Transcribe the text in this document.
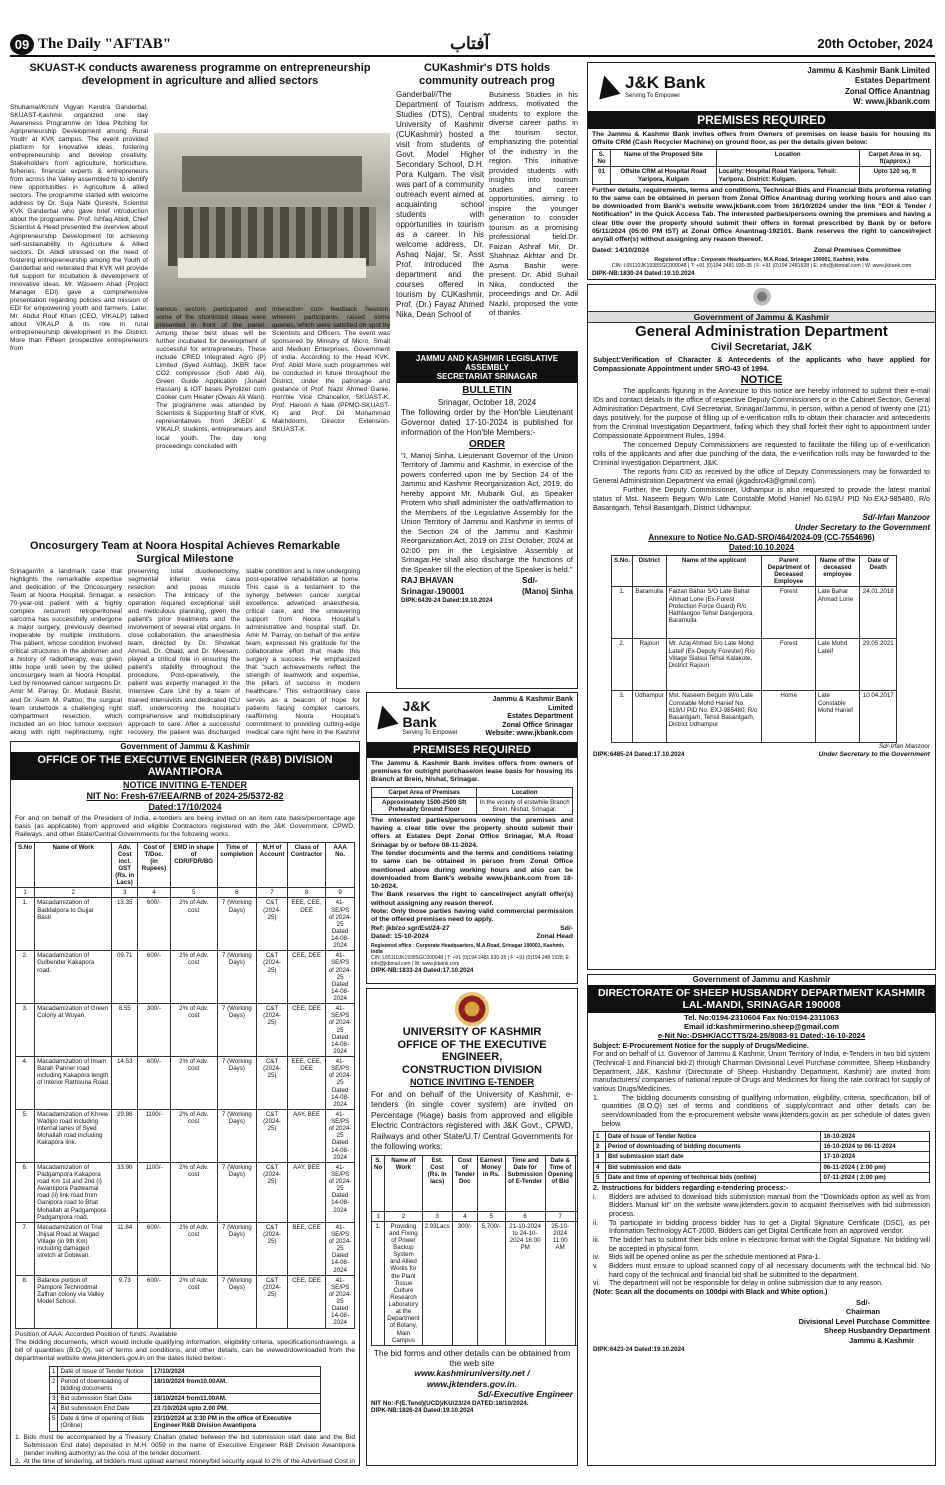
09 The Daily "AFTAB"	آفتاب	20th October, 2024
SKUAST-K conducts awareness programme on entrepreneurship development in agriculture and allied sectors

Shuhama//Krishi Vigyan Kendra Ganderbal, SKUAST-Kashmir organized one day Awareness Programme on 'Idea Pitching for Agripreneurship Development among Rural Youth' at KVK campus. The event provided platform for innovative ideas, fostering entrepreneurship and develop creativity. Stakeholders from agriculture, horticulture, fisheries, financial experts & entrepreneurs from across the Valley assembled to to identify new opportunities in Agriculture & allied sectors. The programme started with welcome address by Dr. Suja Nabi Qureshi, Scientist KVK Ganderbal who gave brief introduction about the programme. Prof. Ishfaq Abidi, Chief Scientist & Head presented the overview about Agripreneurship Development for achieving self-sustainability in Agriculture & Allied sectors. Dr. Abidi stressed on the need of fostering entrepreneurship among the Youth of Ganderbal and reiterated that KVK will provide full support for incubation & development of innovative ideas. Mr. Waseem Ahad (Project Manager EDI) gave a comprehensive presentation regarding policies and mission of EDI for empowering youth and farmers. Later, Mr. Abdul Rouf Khan (CEO, VIKALP) talked about VIKALP & its role in rural entrepreneurship development in the District. More than Fifteen prospective entrepreneurs from

various sectors participated and some of the shortlisted ideas were presented in front of the panel. Among these best ideas will be further incubated for development of successful for entrepreneurs. These include CRED Integrated Agro (P) Limited (Syed Ashfaq), JKBR face CO2 compressor (Sofi Abid Ali), Green Guide Application (Junaid Hassan) & IOT bases Pyrolizer cum Cooker cum Heater (Owais Ali Wani). The programme was attended by Scientists & Supporting Staff of KVK, representatives from JKEDI & VIKALP, students, entrepreneurs and local youth. The day long proceedings concluded with

Interaction cum feedback Session, wherein participants raised some queries, which were satisfied on spot by Scientists and Officers. The event was sponsored by Ministry of Micro, Small and Medium Enterprises, Government of India. According to the Head KVK, Prof. Abidi More such programmes will be conducted in future throughout the District, under the patronage and guidance of Prof. Nazir Ahmed Ganie, Hon'ble Vice Chancellor, SKUAST-K, Prof. Haroon A Naik (PPMO-SKUAST-K) and Prof. Dil Mohammad Makhdoomi, Director Extension- SKUAST-K.

CUKashmir's DTS holds community outreach prog

Ganderbal//The Department of Tourism Studies (DTS), Central University of Kashmir (CUKashmir) hosted a visit from students of Govt. Model Higher Secondary School, D.H. Pora Kulgam. The visit was part of a community outreach event aimed at acquainting school students with opportunities in tourism as a career. In his welcome address, Dr. Ashaq Najar, Sr. Asst Prof. introduced the department and the courses offered in tourism by CUKashmir. Prof. (Dr.) Fayaz Ahmed Nika, Dean School of

Business Studies in his address, motivated the students to explore the diverse career paths in the tourism sector, emphasizing the potential of the industry in the region. This initiative provided students with insights into tourism studies and career opportunities, aiming to inspire the younger generation to consider tourism as a promising professional field.Dr. Faizan Ashraf Mir, Dr. Shahnaz Akhtar and Dr. Asma Bashir were present. Dr. Abid Suhail Nika, conducted the proceedings and Dr. Adil Nazki, proposed the vote of thanks.

JAMMU AND KASHMIR LEGISLATIVE ASSEMBLY
SECRETARIAT SRINAGAR
BULLETIN
Srinagar, October 18, 2024

The following order by the Hon'ble Lieutenant Governor dated 17-10-2024 is published for information of the Hon'ble Members:-

ORDER

"I, Manoj Sinha, Lieutenant Governor of the Union Territory of Jammu and Kashmir, in exercise of the powers conferred upon me by Section 24 of the Jammu and Kashmir Reorganization Act, 2019, do hereby appoint Mr. Mubarik Gul, as Speaker Protem who shall administer the oath/affirmation to the Members of the Legislative Assembly for the Union Territory of Jammu and Kashmir in terms of the Section 24 of the Jammu and Kashmir Reorganization Act, 2019 on 21st October, 2024 at 02:00 pm in the Legislative Assembly at Srinagar.He shall also discharge the functions of the Speaker till the election of the Speaker is held."

RAJ BHAVAN
Srinagar-190001
Sd/-
(Manoj Sinha
DIPK:6439-24 Dated:19.10.2024
J&K Bank
Serving To Empower
Jammu & Kashmir Bank Limited
Estates Department
Zonal Office Srinagar
Website: www.jkbank.com
PREMISES REQUIRED

The Jammu & Kashmir Bank invites offers from owners of premises for outright purchase/on lease basis for housing its Branch at Brein, Nishat, Srinagar.

Carpet Area of Premises	Location
Approximately 1500-2500 Sft Preferably Ground Floor	In the vicinity of erstwhile Branch Brein, Nishat, Srinagar.

The interested parties/persons owning the premises and having a clear title over the property should submit their offers at Estates Dept Zonal Office Srinagar, M.A Road Srinagar by or before 08-11-2024.

The tender documents and the terms and conditions relating to same can be obtained in person from Zonal Office mentioned above during working hours and also can be downloaded from Bank's website www.jkbank.com from 18-10-2024.

The Bank reserves the right to cancel/reject any/all offer(s) without assigning any reason thereof.

Note: Only those parties having valid commercial permission of the offered premises need to apply.

Ref: jkb/zo sgr/Est/24-27
Dated: 15-10-2024
Sd/-
Zonal Head
Registered office : Corporate Headquarters, M.A.Road, Srinagar 190001, Kashmir, India
CIN: L65110JK1938SGC000048 | T: +91 (0)194 2481 930-35 | F: +91 (0)194 248 1928; E: info@jkbmail.com | W: www.jkbank.com
DIPK-NB:1833-24 Dated:17.10.2024
Oncosurgery Team at Noora Hospital Achieves Remarkable Surgical Milestone

Srinagar//In a landmark case that highlights the remarkable expertise and dedication of the Oncosurgery Team at Noora Hospital, Srinagar, a 70-year-old patient with a highly complex recurrent retroperitoneal sarcoma has successfully undergone a major surgery, previously deemed inoperable by multiple institutions. The patient, whose condition involved critical structures in the abdomen and a history of radiotherapy, was given little hope until seen by the skilled oncosurgery team at Noora Hospital. Led by renowned cancer surgeons Dr. Amir M. Parray, Dr. Mudasir Bashir, and Dr. Asim M. Pattoo, the surgical team undertook a challenging right compartment resection, which included an en bloc tumour excision along with right nephrectomy, right

preserving total duodenectomy, segmental inferior vena cava resection and psoas muscle resection. The intricacy of the operation required exceptional skill and meticulous planning, given the patient's prior treatments and the involvement of several vital organs. In close collaboration, the anaesthesia team, directed by Dr. Showkat Ahmad, Dr. Obaid, and Dr. Meesam, played a critical role in ensuring the patient's stability throughout the procedure. Post-operatively, the patient was expertly managed in the Intensive Care Unit by a team of trained intensivists and dedicated ICU staff, underscoring the hospital's comprehensive and multidisciplinary approach to care. After a successful recovery, the patient was discharged

stable condition and is now undergoing post-operative rehabilitation at home. This case is a testament to the synergy between cancer surgical excellence, advanced anaesthesia, critical care, and the unwavering support from Noora Hospital's administrative and hospital staff. Dr. Amir M. Parray, on behalf of the entire team, expressed his gratitude for the collaborative effort that made this surgery a success. He emphasized that "such achievements reflect the strength of teamwork and expertise, the pillars of success in modern healthcare." This extraordinary case serves as a beacon of hope for patients facing complex cancers, reaffirming Noora Hospital's commitment to providing cutting-edge medical care right here in the Kashmir

Government of Jammu & Kashmir
OFFICE OF THE EXECUTIVE ENGINEER (R&B) DIVISION
AWANTIPORA
NOTICE INVITING E-TENDER
NIT No: Fresh-67/EEA/RNB of 2024-25/5372-82
Dated:17/10/2024

For and on behalf of the President of India, e-tenders are being invited on an item rate basis/percentage age basis (as applicable) from approved and eligible Contractors registered with the J&K Government, CPWD, Railways, and other State/Central Governments for the following works:

S.No	Name of Work	Adv. Cost incl. GST (Rs. in Lacs)	Cost of T/Doc. (in Rupees)	EMD in shape of CDR/FDR/BG	Time of completion	M.H of Account	Class of Contractor	AAA No.
1	2	3	4	5	6	7	8	9
1.	Macadamization of Baddalpora to Gujjar Basti	13.35	600/-	2% of Adv. cost	7 (Working Days)	C&T (2024-25)	EEE, CEE, DEE	41-SE/PS of 2024-25 Dated 14-08-2024
2.	Macadamization of Gulbender Kakapora road.	09.71	600/-	2% of Adv. cost	7 (Working Days)	C&T (2024-25)	CEE, DEE	41-SE/PS of 2024-25 Dated 14-08-2024
3.	Macadamization of Green Colony at Wuyan.	8.55	300/-	2% of Adv. cost	7 (Working Days)	C&T (2024-25)	CEE, DEE	41-SE/PS of 2024-25 Dated 14-08-2024
4.	Macadamization of Imam Barah Panner road including Kakapora length of Interior Rathsuna Road	14.53	600/-	2% of Adv. cost	7 (Working Days)	C&T (2024-25)	EEE, CEE, DEE	41-SE/PS of 2024-25 Dated 14-08-2024
5.	Macadamization of Khrew Wadipo road including internal lanes of Syed Mohallah road including Kakapora link.	29.86	1100/-	2% of Adv. cost	7 (Working Days)	C&T (2024-25)	AAY, BEE	41-SE/PS of 2024-25 Dated 14-08-2024
6.	Macadamization of Padgampora Kakapora road Km 1st and 2nd (i) Awantipora Padwamal road (ii) link road from Ganipora road to Bhat Mohallah at Padgampora Padgampora road.	33.90	1100/-	2% of Adv. cost	7 (Working Days)	C&T (2024-25)	AAY, BEE	41-SE/PS of 2024-25 Dated 14-08-2024
7.	Macadamization of Trial Jhijsal Road at Wagad Village (in 9th Km) including damaged stretch at Dobiwan.	11.84	600/-	2% of Adv. cost	7 (Working Days)	C&T (2024-25)	BEE, CEE	41-SE/PS of 2024-25 Dated 14-08-2024
8.	Balance portion of Pampore Technodmat Zaffran colony via Valley Model School.	9.73	600/-	2% of Adv. cost	7 (Working Days)	C&T (2024-25)	CEE, DEE	41-SE/PS of 2024-25 Dated 14-08-2024
Position of AAA: Accorded Position of funds: Available

The bidding documents, which would include qualifying information, eligibility criteria, specifications/drawings, a bill of quantities (B.O.Q), set of terms and conditions, and other details, can be viewed/downloaded from the departmental website www.jktenders.gov.in on the dates listed below:-

1	Date of Issue of Tender Notice	17/10/2024
2	Period of downloading of bidding documents	18/10/2024 from10.00AM.
3	Bid submission Start Date	18/10/2024 from11.00AM.
4	Bid submission End Date	23 /10/2024 upto 2.00 PM.
5	Date & time of opening of Bids (Online)	23/10/2024 at 3:30 PM in the office of Executive Engineer R&B Division Awantipora
1. Bids must be accompanied by a Treasury Challan (dated between the bid submission start date and the Bid Submission End date) deposited in M.H. 0059 in the name of Executive Engineer R&B Division Awantipora (tender inviting authority) as the cost of the tender document.

2. At the time of tendering, all bidders must upload earnest money/bid security equal to 2% of the Advertised Cost in

UNIVERSITY OF KASHMIR
OFFICE OF THE EXECUTIVE ENGINEER,
CONSTRUCTION DIVISION
NOTICE INVITING E-TENDER

For and on behalf of the University of Kashmir, e-tenders (in single cover system) are invited on Percentage (%age) basis from approved and eligible Electric Contractors registered with J&K Govt., CPWD, Railways and other State/U.T/ Central Governments for the following works:

S. No	Name of Work	Est. Cost (Rs. In lacs)	Cost of Tender Doc	Earnest Money in Rs.	Time and Date for Submission of E-Tender	Date & Time of Opening of Bid	
1	2	3	4	5	6	7	
1.	Providing and Fixing of Power Backup System and Allied Works for the Plant Tissue Culture Research Laboratory at the Department of Botany, Main Campus	2.93Lacs	300/-	5,700/-	21-10-2024 to 24-10-2024 16:00 PM	25-10-2024 11:00 AM	

The bid forms and other details can be obtained from the web site

www.kashmiruniversity.net /
www.jktenders.gov.in.
Sd/-Executive Engineer
NIT No:-F(E.Tend)(UCD)/KU/23/24 DATED:18/10/2024.
DIPK-NB:1826-24 Dated:19.10.2024
J&K Bank
Serving To Empower
Jammu & Kashmir Bank Limited
Estates Department
Zonal Office Anantnag
W: www.jkbank.com
PREMISES REQUIRED

The Jammu & Kashmir Bank invites offers from Owners of premises on lease basis for housing its Offsite CRM (Cash Recycler Machine) on ground floor, as per the details given below:

S. No	Name of the Proposed Site	Location	Carpet Area in sq. ft(approx.)
01	Offsite CRM at Hospital Road Yaripora, Kulgam	Locality: Hospital Road Yaripora. Tehsil: Yaripora. District: Kulgam.	Upto 120 sq. ft

Further details, requirements, terms and conditions, Technical Bids and Financial Bids proforma relating to the same can be obtained in person from Zonal Office Anantnag during working hours and also can be downloaded from Bank's website www.jkbank.com from 16/10/2024 under the link "EOI & Tender / Notification" in the Quick Access Tab. The interested parties/persons owning the premises and having a clear title over the property should submit their offers in format prescribed by Bank by or before 05/11/2024 (05:00 PM IST) at Zonal Office Anantnag-192101. Bank reserves the right to cancel/reject any/all offer(s) without assigning any reason thereof.

Dated: 14/10/2024	Zonal Premises Committee
Registered office : Corporate Headquarters, M.A.Road, Srinagar 190001, Kashmir, India
CIN: L65110JK1938SGC000048 | T: +91 (0)194 2481 930-35 | F: +91 (0)194 2481928 | E: info@jkbmail.com | W: www.jkbank.com
DIPK-NB:1830-24 Dated:19.10.2024
Government of Jammu & Kashmir
General Administration Department
Civil Secretariat, J&K

Subject:Verification of Character & Antecedents of the applicants who have applied for Compassionate Appointment under SRO-43 of 1994.

NOTICE

The applicants figuring in the Annexure to this notice are hereby informed to submit their e-mail IDs and contact details in the office of respective Deputy Commissioners or in the Cabinet Section, General Administration Department, Civil Secretariat, Srinagar/Jammu, in person, within a period of twenty one (21) days positively, for the purpose of filling up of e-verification rolls to obtain their character and antecedents from the Criminal Investigation Department, failing which they shall forfeit their right to appointment under Compassionate Appointment Rules, 1994.

The concerned Deputy Commissioners are requested to facilitate the filling up of e-verification rolls of the applicants and after due punching of the data, the e-verification rolls may be forwarded to the Criminal Investigation Department, J&K.

The reports from CID as received by the office of Deputy Commissioners may be forwarded to General Administration Department via email (jkgadsro43@gmail.com).

Further, the Deputy Commissioner, Udhampur is also requested to provide the latest marital status of Mst. Naseem Begum W/o Late Constable Mohd Hanief No.619/U PID No.EXJ-985480, R/o Basantgarh, Tehsil Basantgarh, District Udhampur.

Sd/-Irfan Manzoor
Under Secretary to the Government
Annexure to Notice No.GAD-SRO/464/2024-09 (CC-7554696)
Dated:10.10.2024
S.No.	District	Name of the applicant	Parent Department of Deceased Employee	Name of the deceased employee	Date of Death
1.	Baramulla	Faizan Bahar S/O Late Bahar Ahmad Lone (Ex-Forest Protection Force Guard) R/o Hathlangoo Tehsil Dangerpora, Baramulla	Forest	Late Bahar Ahmad Lone	24.01.2018
2.	Rajouri	Mr. Azaj Ahmed S/o Late Mohd Lateif (Ex-Deputy Forester) R/o Village Sialsui Tehsil Kalakote, District Rajouri	Forest	Late Mohd Lateif	29.05.2021
3.	Udhampur	Mst. Naseem Begum W/o Late Constable Mohd Hanief No. 619/U PID No. EXJ-985480, R/o Basantgarh, Tehsil Basantgarh, District Udhampur	Home	Late Constable Mohd Hanief	10.04.2017
Sd/-Irfan Manzoor
DIPK:6485-24 Dated:17.10.2024	Under Secretary to the Government
Government of Jammu and Kashmir
DIRECTORATE OF SHEEP HUSBANDRY DEPARTMENT KASHMIR
LAL-MANDI, SRINAGAR 190008
Tel. No:0194-2310604 Fax No:0194-2311063
Email id:kashmirmerino.sheep@gmail.com
e-Nit No:-DSHK/ACCTTS/24-25/8083-91 Dated:-16-10-2024

Subject: E-Procurement Notice for the supply of Drugs/Medicine.

For and on behalf of Lt. Governor of Jammu & Kashmir, Union Territory of India, e-Tenders in two bid system (Technical-1 and Financial bid-2) through Chairman Divisional Level Purchase committee, Sheep Husbandry Department, J&K, Kashmir (Directorate of Sheep Husbandry Department, Kashmir) are invited from manufacturers/ companies of national repute of Drugs and Medicines for fixing the rate contract for supply of various Drugs/Medicines.

1.	The bidding documents consisting of qualifying information, eligibility, criteria, specification, bill of quantities (B.O.Q) set of terms and conditions of supply/contract and other details can be seen/downloaded from the e-procurement website www.jktenders.gov.in as per schedule of dates given below.

1	Date of Issue of Tender Notice	16-10-2024
2	Period of downloading of bidding documents	16-10-2024 to 06-11-2024
3	Bid submission start date	17-10-2024
4	Bid submission end date	06-11-2024 ( 2:00 pm)
5	Date and time of opening of technical bids (online)	07-11-2024 ( 2:00 pm)
2. Instructions for bidders regarding e-tendering process:-
i.	Bidders are advised to download bids submission manual from the "Downloads option as well as from Bidders Manual kit" on the website www.jktenders.gov.in to acquaint themselves with bid submission process.

ii.	To participate in bidding process bidder has to get a Digital Signature Certificate (DSC), as per Information Technology ACT-2000. Bidders can get Digital Certificate from an approved vendor.

iii.	The bidder has to submit their bids online in electronic format with the Digital Signature. No bidding will be accepted in physical form.

iv.	Bids will be opened online as per the schedule mentioned at Para-1.

v.	Bidders must ensure to upload scanned copy of all necessary documents with the technical bid. No hard copy of the technical and financial bid shall be submitted to the department.

vi.	The department will not be responsible for delay in online submission due to any reason.

(Note: Scan all the documents on 100dpi with Black and White option.)

Sd/-
Chairman
Divisional Level Purchase Committee
Sheep Husbandry Department
Jammu & Kashmir
DIPK:6423-24 Dated:19.10.2024
